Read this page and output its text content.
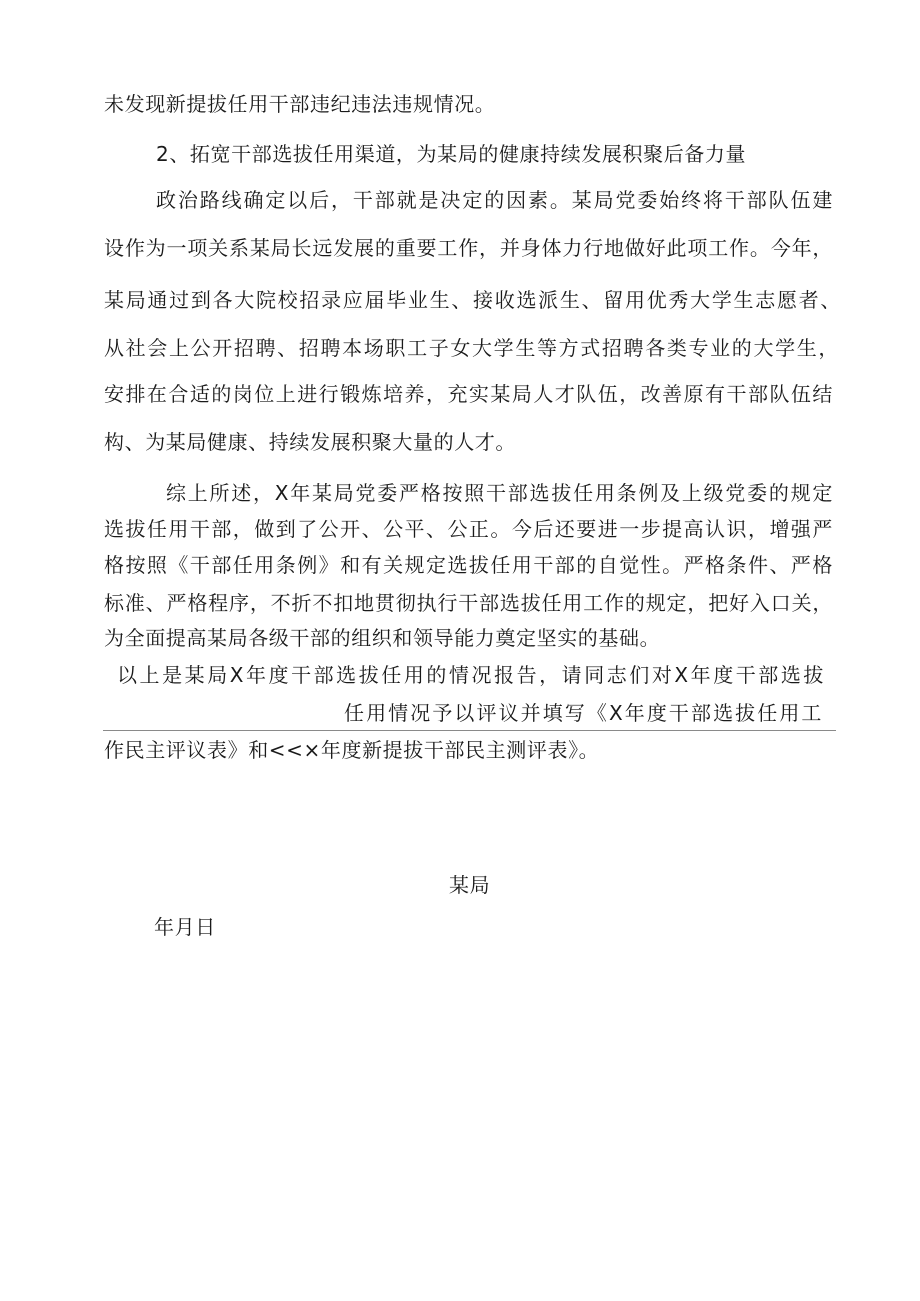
未发现新提拔任用干部违纪违法违规情况。
2、拓宽干部选拔任用渠道，为某局的健康持续发展积聚后备力量
政治路线确定以后，干部就是决定的因素。某局党委始终将干部队伍建
设作为一项关系某局长远发展的重要工作，并身体力行地做好此项工作。今年，
某局通过到各大院校招录应届毕业生、接收选派生、留用优秀大学生志愿者、
从社会上公开招聘、招聘本场职工子女大学生等方式招聘各类专业的大学生，
安排在合适的岗位上进行锻炼培养，充实某局人才队伍，改善原有干部队伍结
构、为某局健康、持续发展积聚大量的人才。
综上所述，X年某局党委严格按照干部选拔任用条例及上级党委的规定
选拔任用干部，做到了公开、公平、公正。今后还要进一步提高认识，增强严
格按照《干部任用条例》和有关规定选拔任用干部的自觉性。严格条件、严格
标准、严格程序，不折不扣地贯彻执行干部选拔任用工作的规定，把好入口关，
为全面提高某局各级干部的组织和领导能力奠定坚实的基础。
以上是某局X年度干部选拔任用的情况报告，请同志们对X年度干部选拔
任用情况予以评议并填写《X年度干部选拔任用工
作民主评议表》和<<×年度新提拔干部民主测评表》。
某局
年月日
